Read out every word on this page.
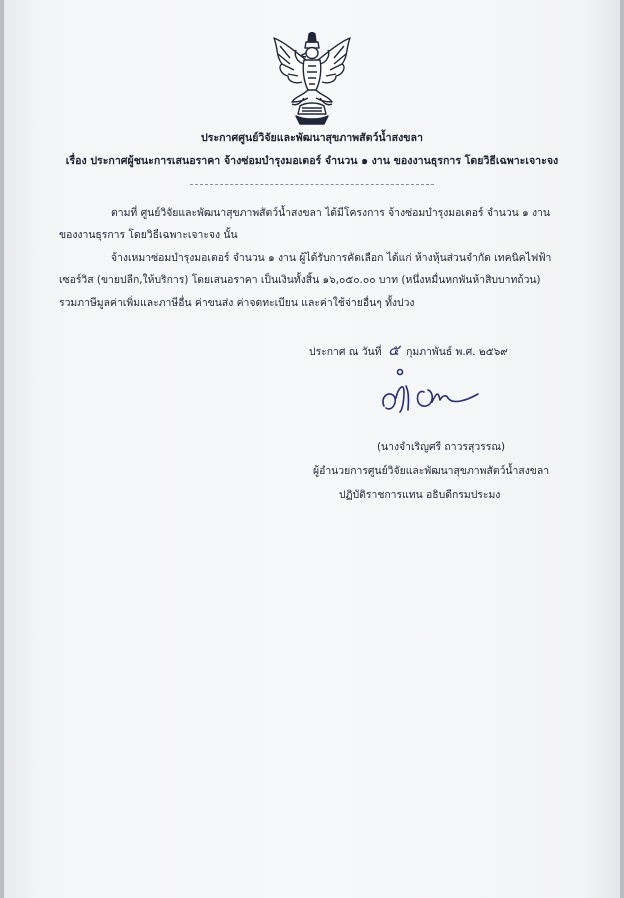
ประกาศศูนย์วิจัยและพัฒนาสุขภาพสัตว์น้ำสงขลา

เรื่อง ประกาศผู้ชนะการเสนอราคา จ้างซ่อมบำรุงมอเตอร์ จำนวน ๑ งาน ของงานธุรการ โดยวิธีเฉพาะเจาะจง

ตามที่ ศูนย์วิจัยและพัฒนาสุขภาพสัตว์น้ำสงขลา ได้มีโครงการ จ้างซ่อมบำรุงมอเตอร์ จำนวน ๑ งาน

ของงานธุรการ โดยวิธีเฉพาะเจาะจง นั้น

จ้างเหมาซ่อมบำรุงมอเตอร์ จำนวน ๑ งาน ผู้ได้รับการคัดเลือก ได้แก่ ห้างหุ้นส่วนจำกัด เทคนิคไฟฟ้า

เซอร์วิส (ขายปลีก,ให้บริการ) โดยเสนอราคา เป็นเงินทั้งสิ้น ๑๖,๐๕๐.๐๐ บาท (หนึ่งหมื่นหกพันห้าสิบบาทถ้วน)

รวมภาษีมูลค่าเพิ่มและภาษีอื่น ค่าขนส่ง ค่าจดทะเบียน และค่าใช้จ่ายอื่นๆ ทั้งปวง

ประกาศ ณ วันที่ ๕ กุมภาพันธ์ พ.ศ. ๒๕๖๙

(นางจำเริญศรี ถาวรสุวรรณ)

ผู้อำนวยการศูนย์วิจัยและพัฒนาสุขภาพสัตว์น้ำสงขลา

ปฏิบัติราชการแทน อธิบดีกรมประมง
